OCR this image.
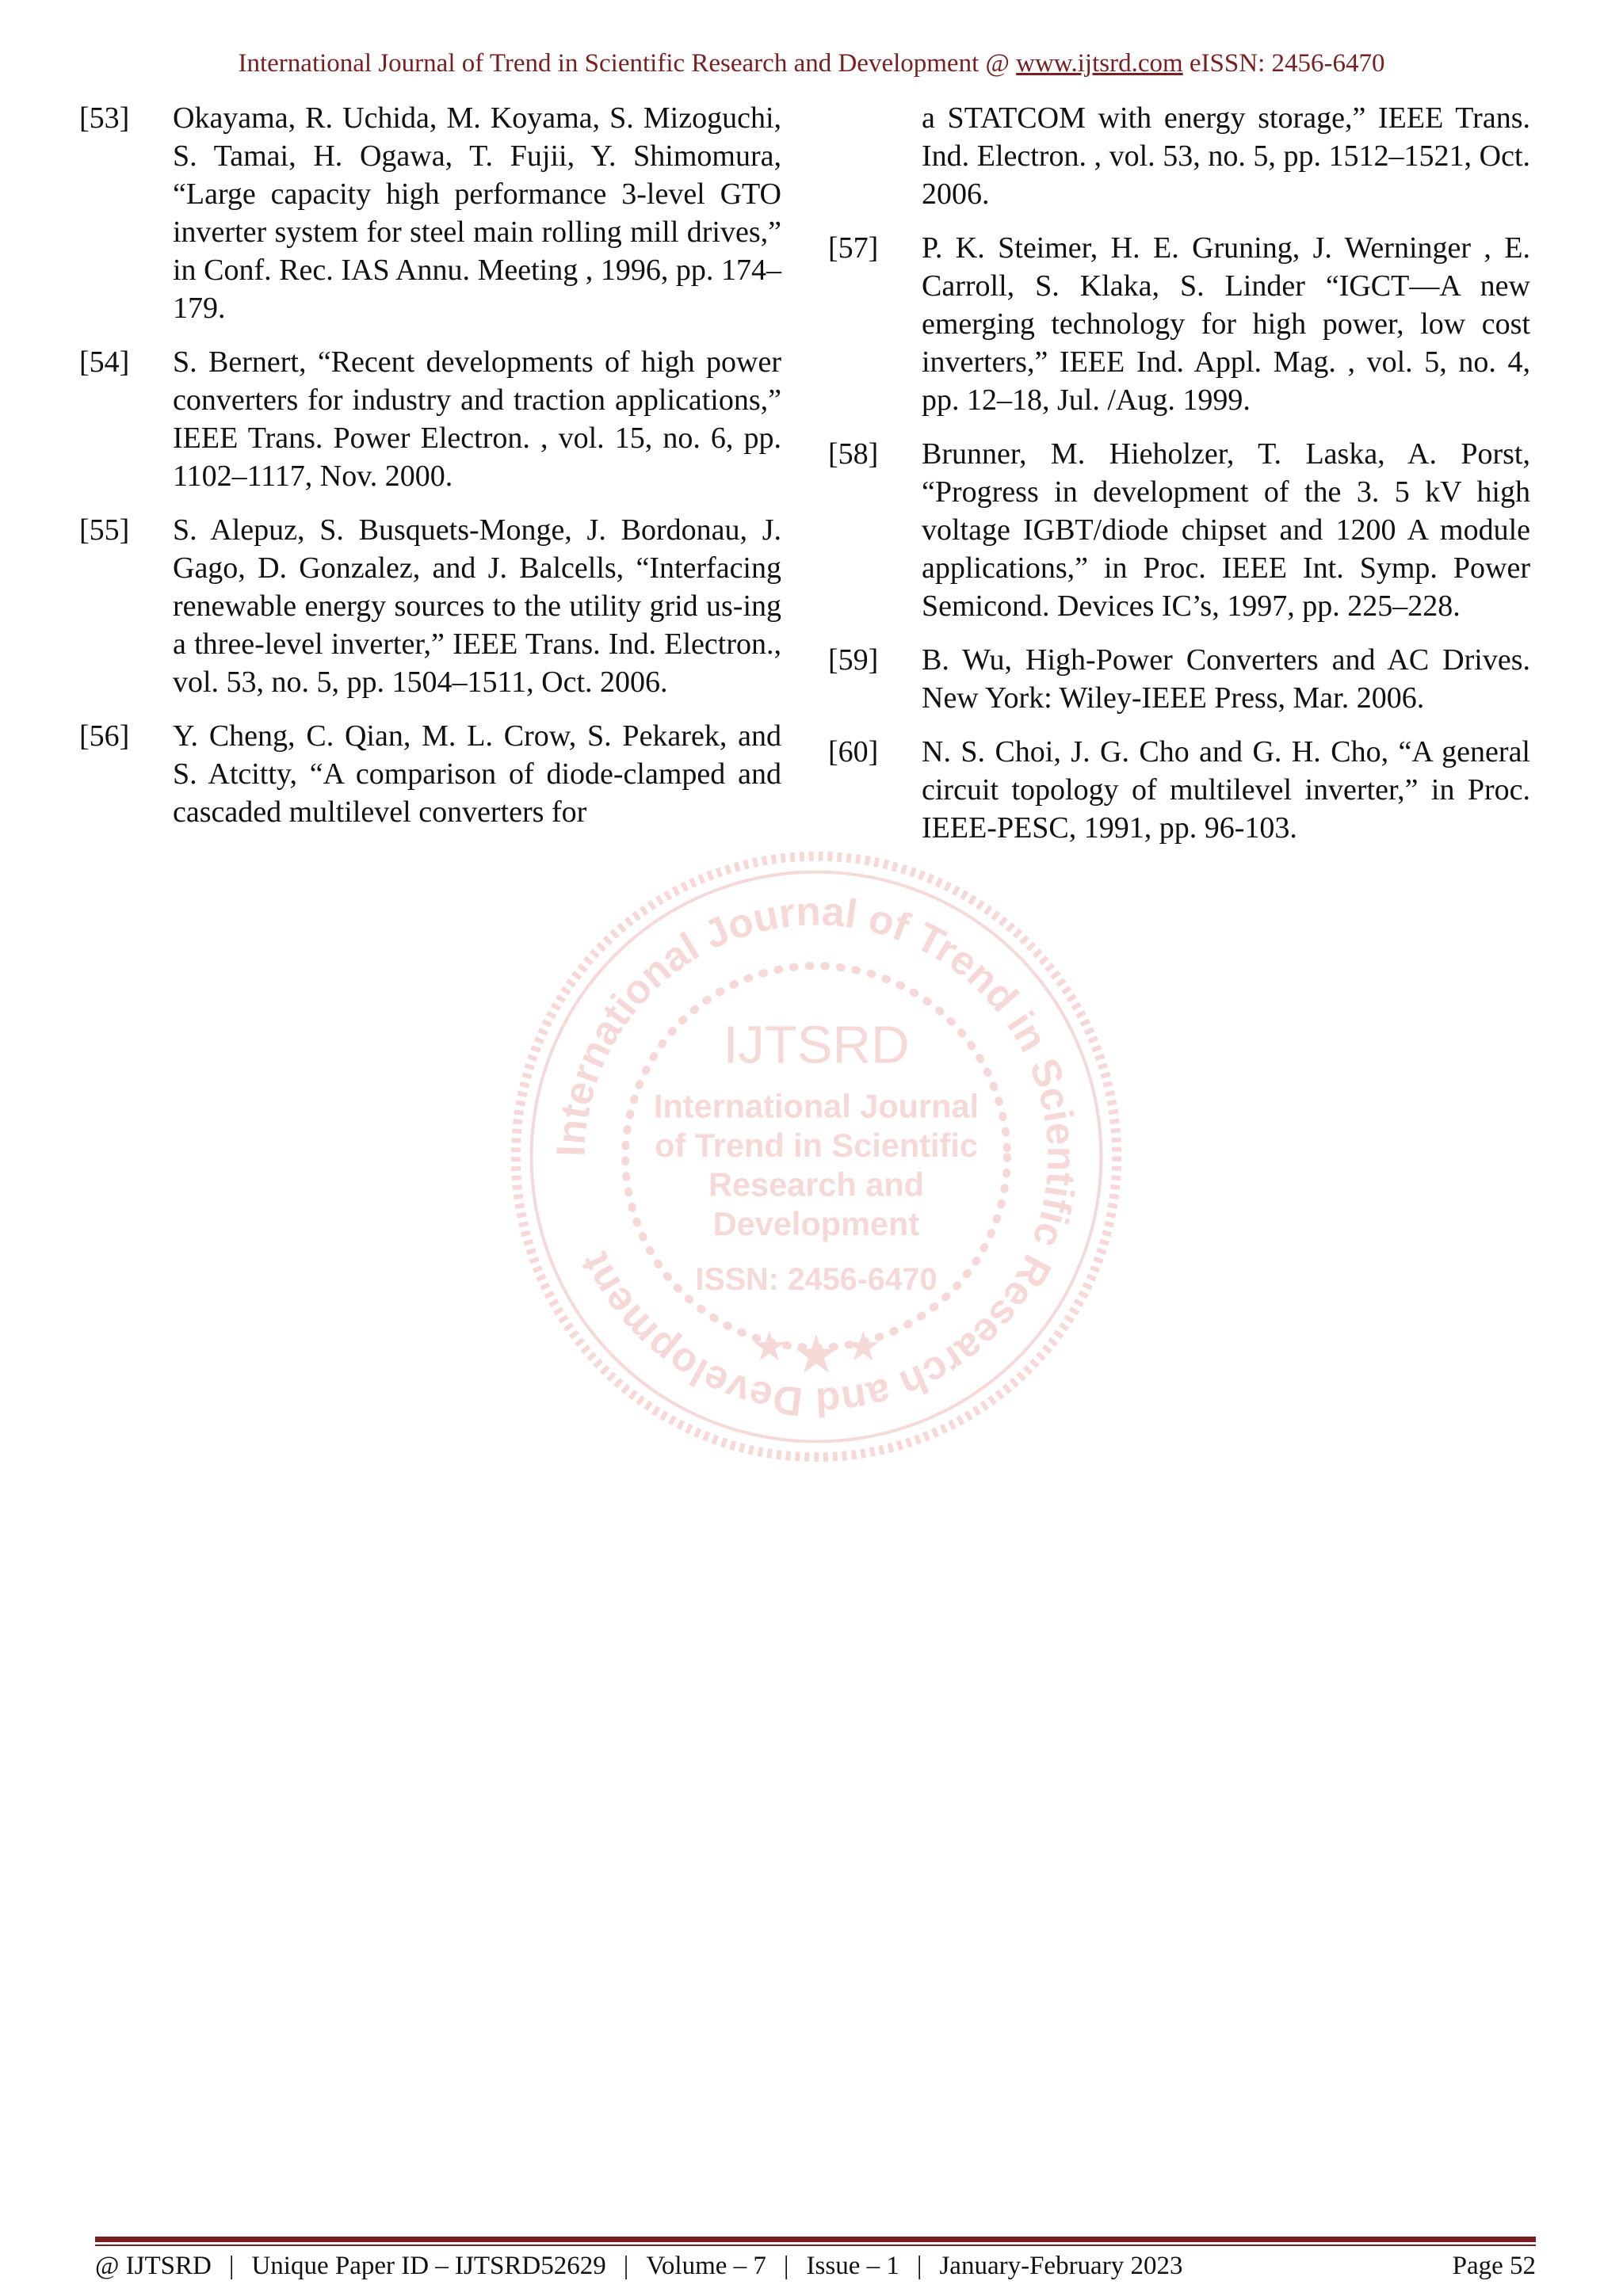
International Journal of Trend in Scientific Research and Development @ www.ijtsrd.com eISSN: 2456-6470
[53]	Okayama, R. Uchida, M. Koyama, S. Mizoguchi, S. Tamai, H. Ogawa, T. Fujii, Y. Shimomura, “Large capacity high performance 3-level GTO inverter system for steel main rolling mill drives,” in Conf. Rec. IAS Annu. Meeting , 1996, pp. 174–179.
[54]	S. Bernert, “Recent developments of high power converters for industry and traction applications,” IEEE Trans. Power Electron. , vol. 15, no. 6, pp. 1102–1117, Nov. 2000.
[55]	S. Alepuz, S. Busquets-Monge, J. Bordonau, J. Gago, D. Gonzalez, and J. Balcells, “Interfacing renewable energy sources to the utility grid us-ing a three-level inverter,” IEEE Trans. Ind. Electron., vol. 53, no. 5, pp. 1504–1511, Oct. 2006.
[56]	Y. Cheng, C. Qian, M. L. Crow, S. Pekarek, and S. Atcitty, “A comparison of diode-clamped and cascaded multilevel converters for
a STATCOM with energy storage,” IEEE Trans. Ind. Electron. , vol. 53, no. 5, pp. 1512–1521, Oct. 2006.
[57]	P. K. Steimer, H. E. Gruning, J. Werninger , E. Carroll, S. Klaka, S. Linder “IGCT—A new emerging technology for high power, low cost inverters,” IEEE Ind. Appl. Mag. , vol. 5, no. 4, pp. 12–18, Jul. /Aug. 1999.
[58]	Brunner, M. Hieholzer, T. Laska, A. Porst, “Progress in development of the 3. 5 kV high voltage IGBT/diode chipset and 1200 A module applications,” in Proc. IEEE Int. Symp. Power Semicond. Devices IC’s, 1997, pp. 225–228.
[59]	B. Wu, High-Power Converters and AC Drives. New York: Wiley-IEEE Press, Mar. 2006.
[60]	N. S. Choi, J. G. Cho and G. H. Cho, “A general circuit topology of multilevel inverter,” in Proc. IEEE-PESC, 1991, pp. 96-103.
International Journal of Trend in Scientific Research and Development
IJTSRD
International Journal
of Trend in Scientific
Research and
Development
ISSN: 2456-6470
★ ★ ★
@ IJTSRD | Unique Paper ID – IJTSRD52629 | Volume – 7 | Issue – 1 | January-February 2023	Page 52
